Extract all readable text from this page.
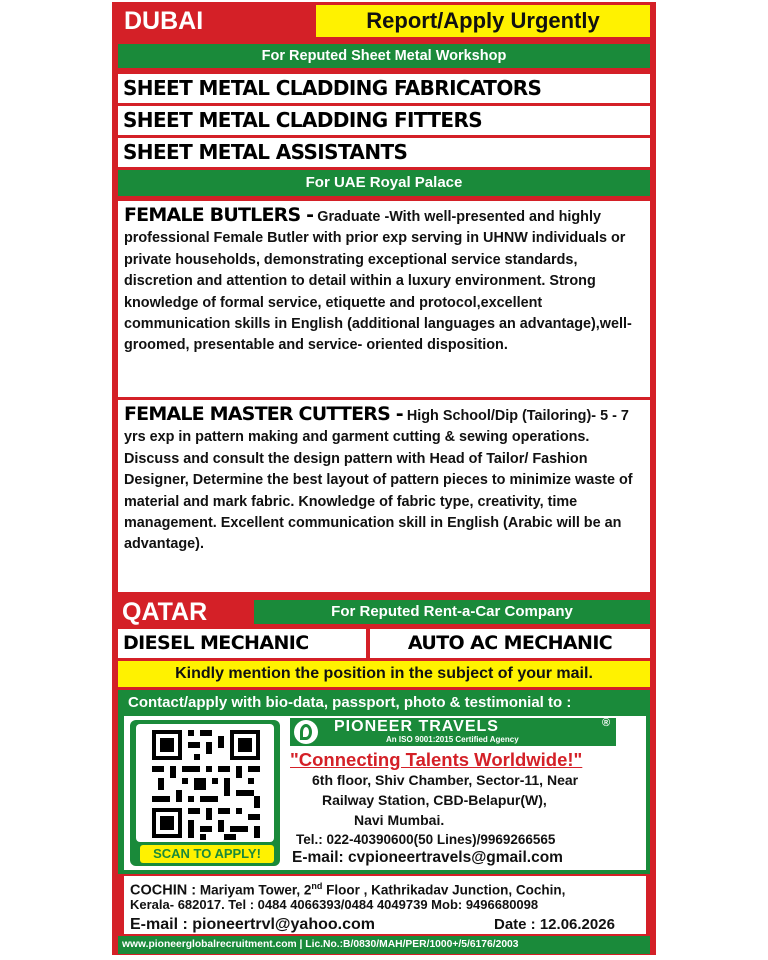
DUBAI	Report/Apply Urgently
For Reputed Sheet Metal Workshop
SHEET METAL CLADDING FABRICATORS
SHEET METAL CLADDING FITTERS
SHEET METAL ASSISTANTS
For UAE Royal Palace
FEMALE BUTLERS - Graduate -With well-presented and highly professional Female Butler with prior exp serving in UHNW individuals or private households, demonstrating exceptional service standards, discretion and attention to detail within a luxury environment. Strong knowledge of formal service, etiquette and protocol,excellent communication skills in English (additional languages an advantage),well-groomed, presentable and service- oriented disposition.
FEMALE MASTER CUTTERS - High School/Dip (Tailoring)- 5 - 7 yrs exp in pattern making and garment cutting & sewing operations. Discuss and consult the design pattern with Head of Tailor/ Fashion Designer, Determine the best layout of pattern pieces to minimize waste of material and mark fabric. Knowledge of fabric type, creativity, time management. Excellent communication skill in English (Arabic will be an advantage).
QATAR	For Reputed Rent-a-Car Company
DIESEL MECHANIC	AUTO AC MECHANIC
Kindly mention the position in the subject of your mail.
Contact/apply with bio-data, passport, photo & testimonial to :
SCAN TO APPLY!
PIONEER TRAVELS	®
An ISO 9001:2015 Certified Agency
"Connecting Talents Worldwide!"
6th floor, Shiv Chamber, Sector-11, Near
Railway Station, CBD-Belapur(W),
Navi Mumbai.
Tel.: 022-40390600(50 Lines)/9969266565
E-mail: cvpioneertravels@gmail.com
COCHIN : Mariyam Tower, 2nd Floor , Kathrikadav Junction, Cochin,
Kerala- 682017. Tel : 0484 4066393/0484 4049739 Mob: 9496680098
E-mail : pioneertrvl@yahoo.com	Date : 12.06.2026
www.pioneerglobalrecruitment.com | Lic.No.:B/0830/MAH/PER/1000+/5/6176/2003
